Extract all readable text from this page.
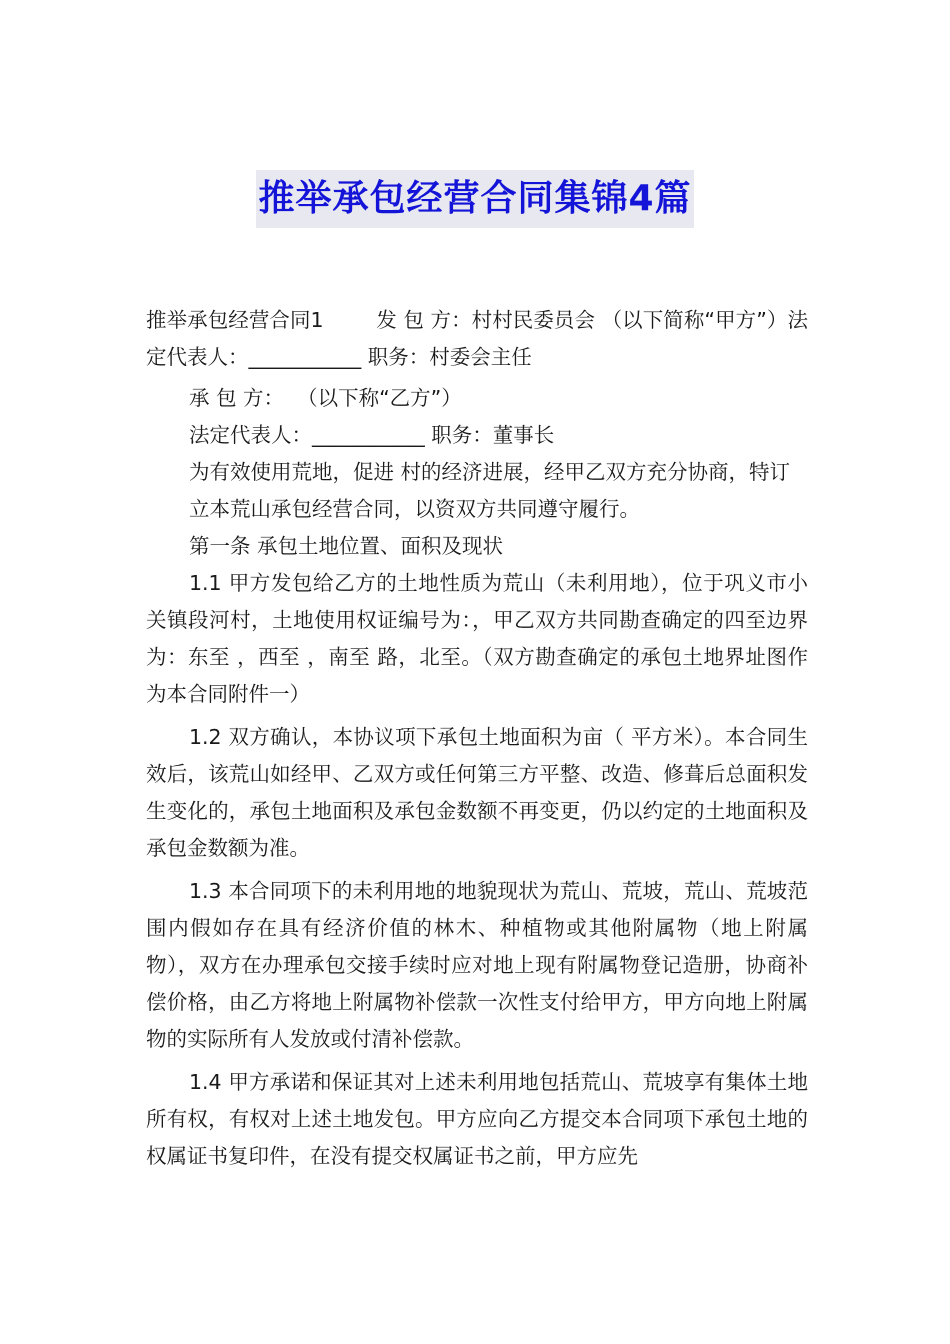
推举承包经营合同集锦4篇

推举承包经营合同1        发 包 方：村村民委员会 （以下简称“甲方”）法定代表人：___________ 职务：村委会主任

承 包 方：  （以下称“乙方”）

法定代表人：___________ 职务：董事长

为有效使用荒地，促进 村的经济进展，经甲乙双方充分协商，特订

立本荒山承包经营合同，以资双方共同遵守履行。

第一条 承包土地位置、面积及现状

1.1 甲方发包给乙方的土地性质为荒山（未利用地），位于巩义市小关镇段河村，土地使用权证编号为：，甲乙双方共同勘查确定的四至边界为：东至 ，西至 ，南至 路，北至。（双方勘查确定的承包土地界址图作为本合同附件一）

1.2 双方确认，本协议项下承包土地面积为亩（ 平方米）。本合同生效后，该荒山如经甲、乙双方或任何第三方平整、改造、修葺后总面积发生变化的，承包土地面积及承包金数额不再变更，仍以约定的土地面积及承包金数额为准。

1.3 本合同项下的未利用地的地貌现状为荒山、荒坡，荒山、荒坡范围内假如存在具有经济价值的林木、种植物或其他附属物（地上附属物），双方在办理承包交接手续时应对地上现有附属物登记造册，协商补偿价格，由乙方将地上附属物补偿款一次性支付给甲方，甲方向地上附属物的实际所有人发放或付清补偿款。

1.4 甲方承诺和保证其对上述未利用地包括荒山、荒坡享有集体土地所有权，有权对上述土地发包。甲方应向乙方提交本合同项下承包土地的权属证书复印件，在没有提交权属证书之前，甲方应先
